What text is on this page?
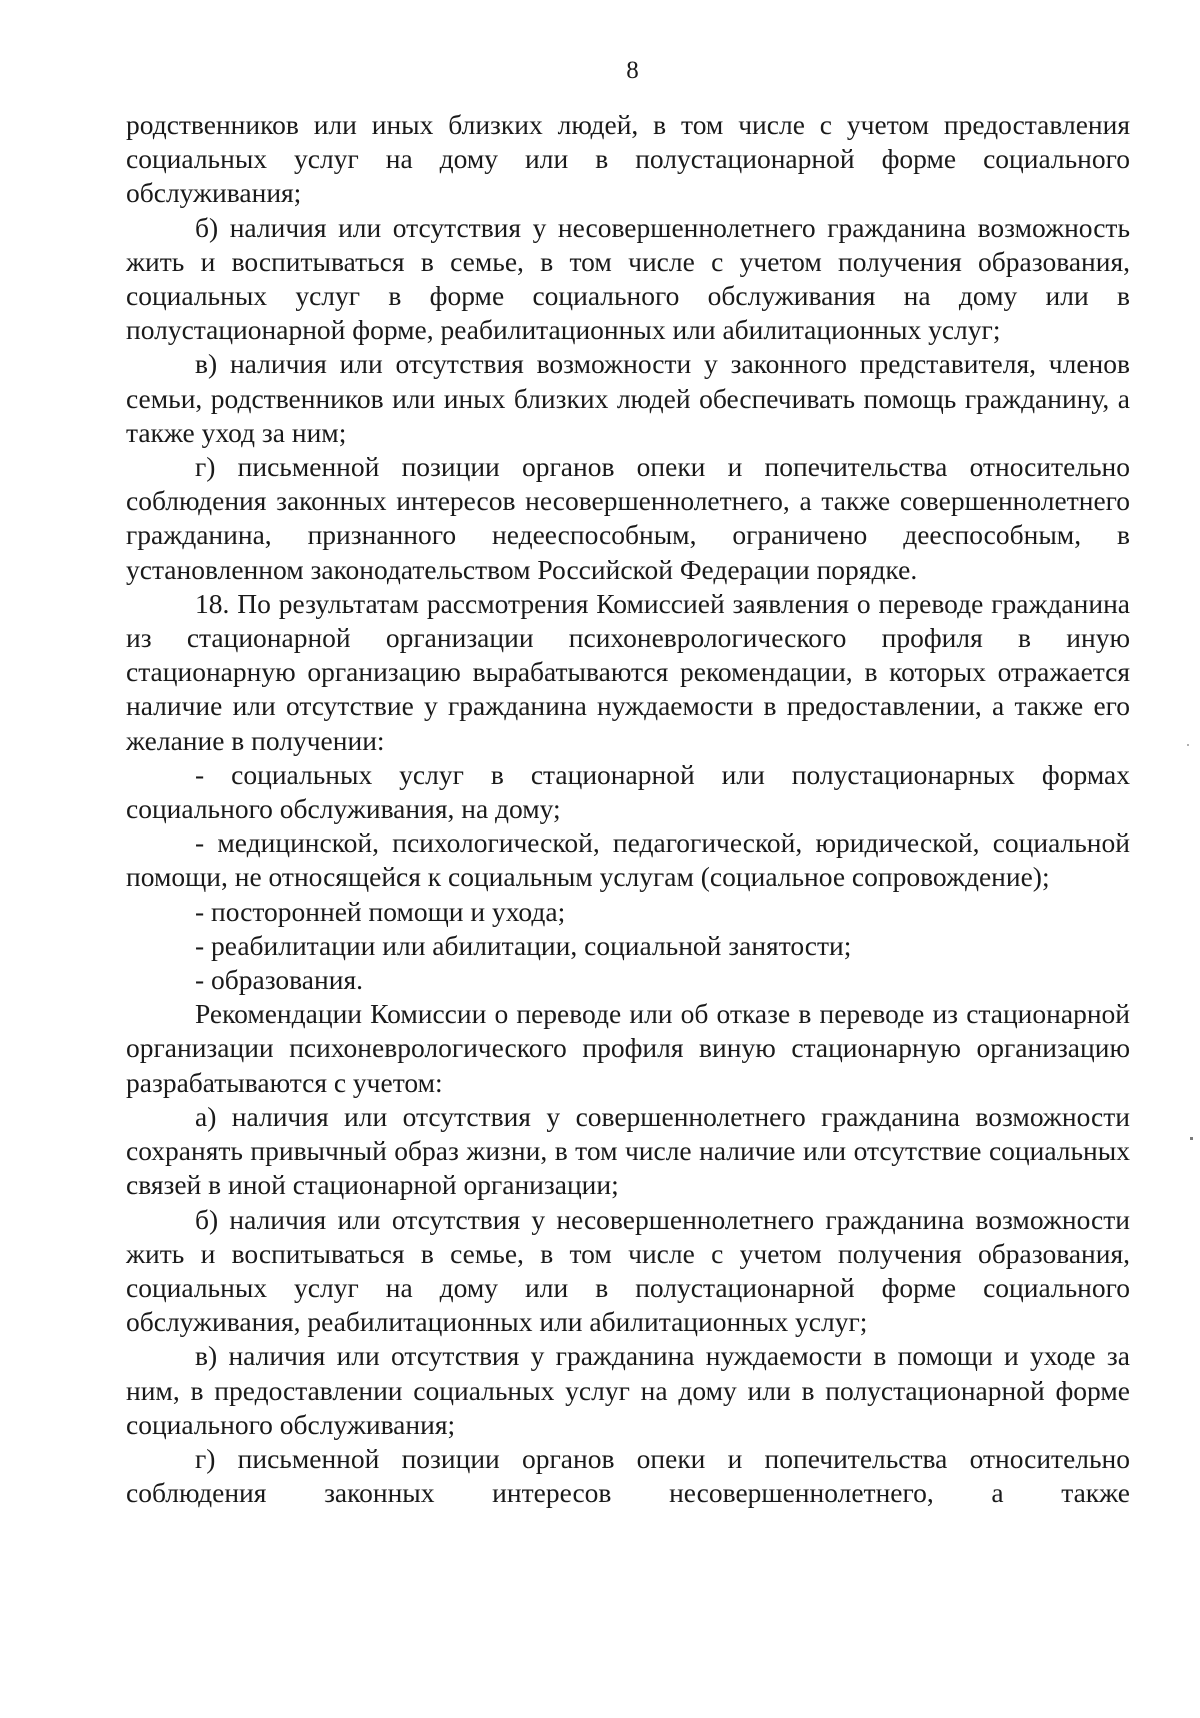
8

родственников или иных близких людей, в том числе с учетом предоставления социальных услуг на дому или в полустационарной форме социального обслуживания;

б) наличия или отсутствия у несовершеннолетнего гражданина возможность жить и воспитываться в семье, в том числе с учетом получения образования, социальных услуг в форме социального обслуживания на дому или в полустационарной форме, реабилитационных или абилитационных услуг;

в) наличия или отсутствия возможности у законного представителя, членов семьи, родственников или иных близких людей обеспечивать помощь гражданину, а также уход за ним;

г) письменной позиции органов опеки и попечительства относительно соблюдения законных интересов несовершеннолетнего, а также совершеннолетнего гражданина, признанного недееспособным, ограничено дееспособным, в установленном законодательством Российской Федерации порядке.

18. По результатам рассмотрения Комиссией заявления о переводе гражданина из стационарной организации психоневрологического профиля в иную стационарную организацию вырабатываются рекомендации, в которых отражается наличие или отсутствие у гражданина нуждаемости в предоставлении, а также его желание в получении:

- социальных услуг в стационарной или полустационарных формах социального обслуживания, на дому;

- медицинской, психологической, педагогической, юридической, социальной помощи, не относящейся к социальным услугам (социальное сопровождение);

- посторонней помощи и ухода;

- реабилитации или абилитации, социальной занятости;

- образования.

Рекомендации Комиссии о переводе или об отказе в переводе из стационарной организации психоневрологического профиля виную стационарную организацию разрабатываются с учетом:

а) наличия или отсутствия у совершеннолетнего гражданина возможности сохранять привычный образ жизни, в том числе наличие или отсутствие социальных связей в иной стационарной организации;

б) наличия или отсутствия у несовершеннолетнего гражданина возможности жить и воспитываться в семье, в том числе с учетом получения образования, социальных услуг на дому или в полустационарной форме социального обслуживания, реабилитационных или абилитационных услуг;

в) наличия или отсутствия у гражданина нуждаемости в помощи и уходе за ним, в предоставлении социальных услуг на дому или в полустационарной форме социального обслуживания;

г) письменной позиции органов опеки и попечительства относительно соблюдения законных интересов несовершеннолетнего, а также
